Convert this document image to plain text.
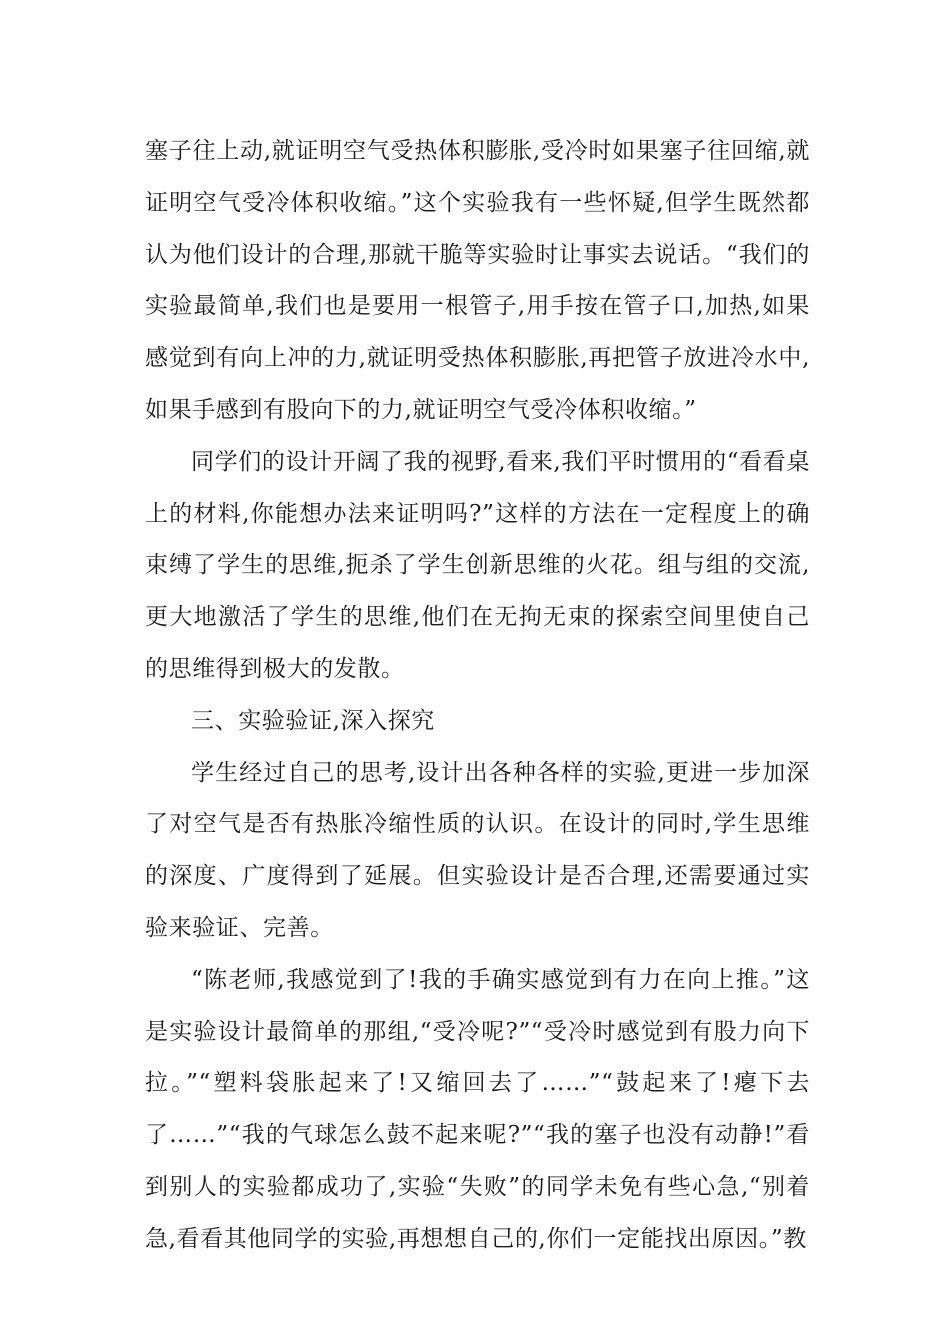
塞子往上动,就证明空气受热体积膨胀,受冷时如果塞子往回缩,就证明空气受冷体积收缩。”这个实验我有一些怀疑,但学生既然都认为他们设计的合理,那就干脆等实验时让事实去说话。“我们的实验最简单,我们也是要用一根管子,用手按在管子口,加热,如果感觉到有向上冲的力,就证明受热体积膨胀,再把管子放进冷水中,如果手感到有股向下的力,就证明空气受冷体积收缩。”

同学们的设计开阔了我的视野,看来,我们平时惯用的“看看桌上的材料,你能想办法来证明吗?”这样的方法在一定程度上的确束缚了学生的思维,扼杀了学生创新思维的火花。组与组的交流,更大地激活了学生的思维,他们在无拘无束的探索空间里使自己的思维得到极大的发散。

三、实验验证,深入探究

学生经过自己的思考,设计出各种各样的实验,更进一步加深了对空气是否有热胀冷缩性质的认识。在设计的同时,学生思维的深度、广度得到了延展。但实验设计是否合理,还需要通过实验来验证、完善。

“陈老师,我感觉到了!我的手确实感觉到有力在向上推。”这是实验设计最简单的那组,“受冷呢?”“受冷时感觉到有股力向下拉。”“塑料袋胀起来了!又缩回去了……”“鼓起来了!瘪下去了……”“我的气球怎么鼓不起来呢?”“我的塞子也没有动静!”看到别人的实验都成功了,实验“失败”的同学未免有些心急,“别着急,看看其他同学的实验,再想想自己的,你们一定能找出原因。”教
